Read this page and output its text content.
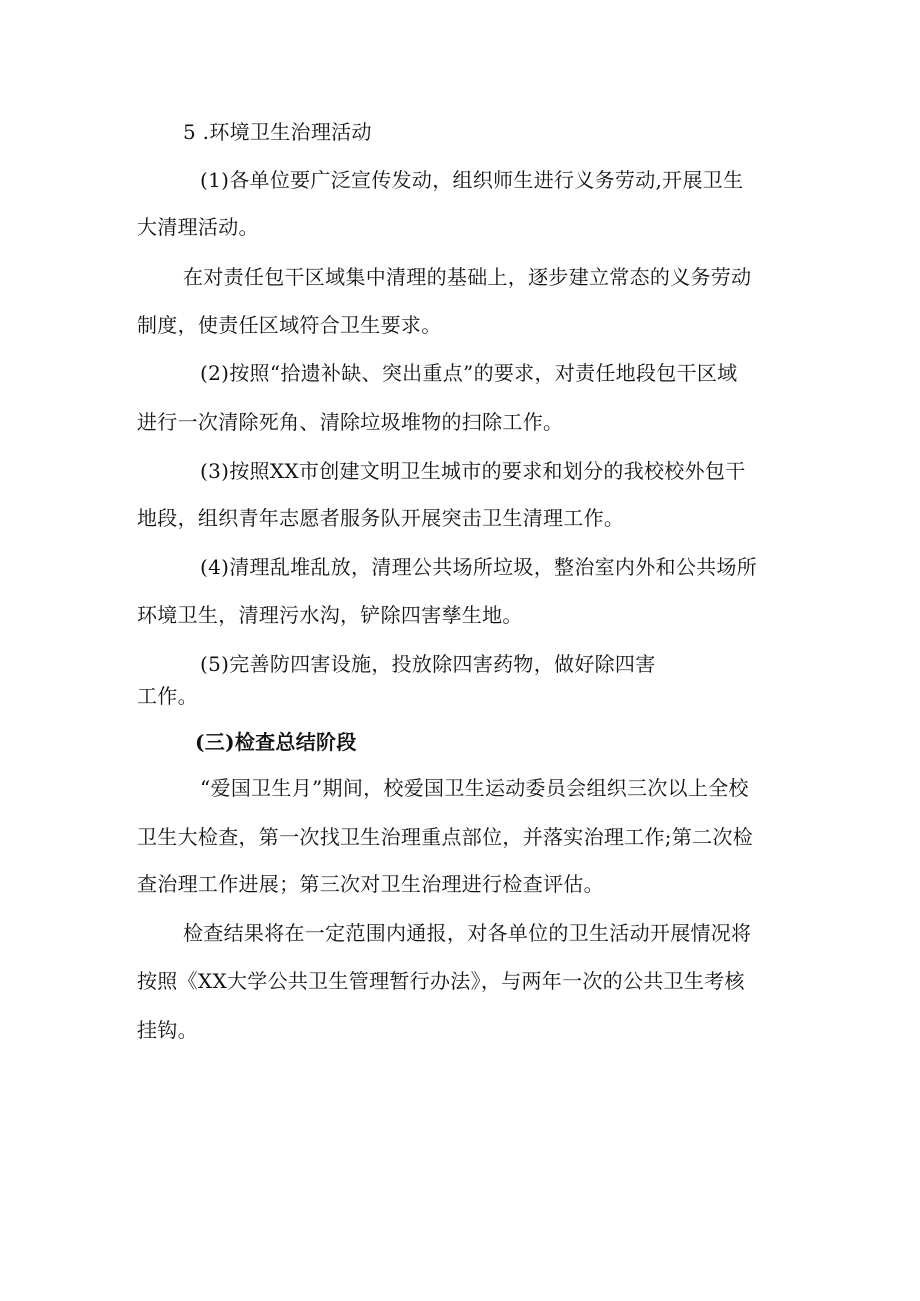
5 .环境卫生治理活动
(1)各单位要广泛宣传发动，组织师生进行义务劳动,开展卫生
大清理活动。
在对责任包干区域集中清理的基础上，逐步建立常态的义务劳动
制度，使责任区域符合卫生要求。
(2)按照“拾遗补缺、突出重点”的要求，对责任地段包干区域
进行一次清除死角、清除垃圾堆物的扫除工作。
(3)按照XX市创建文明卫生城市的要求和划分的我校校外包干
地段，组织青年志愿者服务队开展突击卫生清理工作。
(4)清理乱堆乱放，清理公共场所垃圾，整治室内外和公共场所
环境卫生，清理污水沟，铲除四害孳生地。
(5)完善防四害设施，投放除四害药物，做好除四害
工作。
(三)检查总结阶段
“爱国卫生月”期间，校爱国卫生运动委员会组织三次以上全校
卫生大检查，第一次找卫生治理重点部位，并落实治理工作;第二次检
查治理工作进展；第三次对卫生治理进行检查评估。
检查结果将在一定范围内通报，对各单位的卫生活动开展情况将
按照《XX大学公共卫生管理暂行办法》，与两年一次的公共卫生考核
挂钩。
